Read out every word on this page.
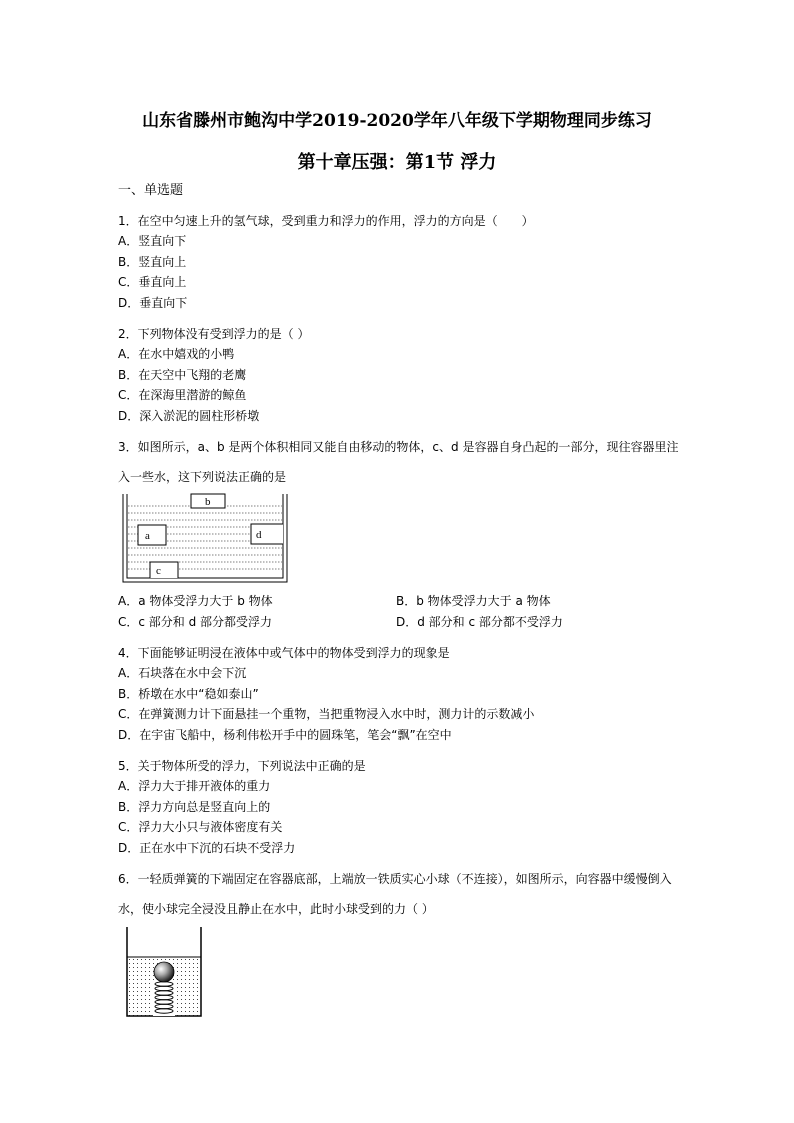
山东省滕州市鲍沟中学2019-2020学年八年级下学期物理同步练习
第十章压强：第1节 浮力
一、单选题
1．在空中匀速上升的氢气球，受到重力和浮力的作用，浮力的方向是（　　）
A．竖直向下
B．竖直向上
C．垂直向上
D．垂直向下
2．下列物体没有受到浮力的是（ ）
A．在水中嬉戏的小鸭
B．在天空中飞翔的老鹰
C．在深海里潜游的鲸鱼
D．深入淤泥的圆柱形桥墩
3．如图所示，a、b 是两个体积相同又能自由移动的物体，c、d 是容器自身凸起的一部分，现往容器里注
入一些水，这下列说法正确的是
b
a	d
c
A．a 物体受浮力大于 b 物体	B．b 物体受浮力大于 a 物体
C．c 部分和 d 部分都受浮力	D．d 部分和 c 部分都不受浮力
4．下面能够证明浸在液体中或气体中的物体受到浮力的现象是
A．石块落在水中会下沉
B．桥墩在水中“稳如泰山”
C．在弹簧测力计下面悬挂一个重物，当把重物浸入水中时，测力计的示数减小
D．在宇宙飞船中，杨利伟松开手中的圆珠笔，笔会“飘”在空中
5．关于物体所受的浮力，下列说法中正确的是
A．浮力大于排开液体的重力
B．浮力方向总是竖直向上的
C．浮力大小只与液体密度有关
D．正在水中下沉的石块不受浮力
6．一轻质弹簧的下端固定在容器底部，上端放一铁质实心小球（不连接），如图所示，向容器中缓慢倒入
水，使小球完全浸没且静止在水中，此时小球受到的力（ ）
